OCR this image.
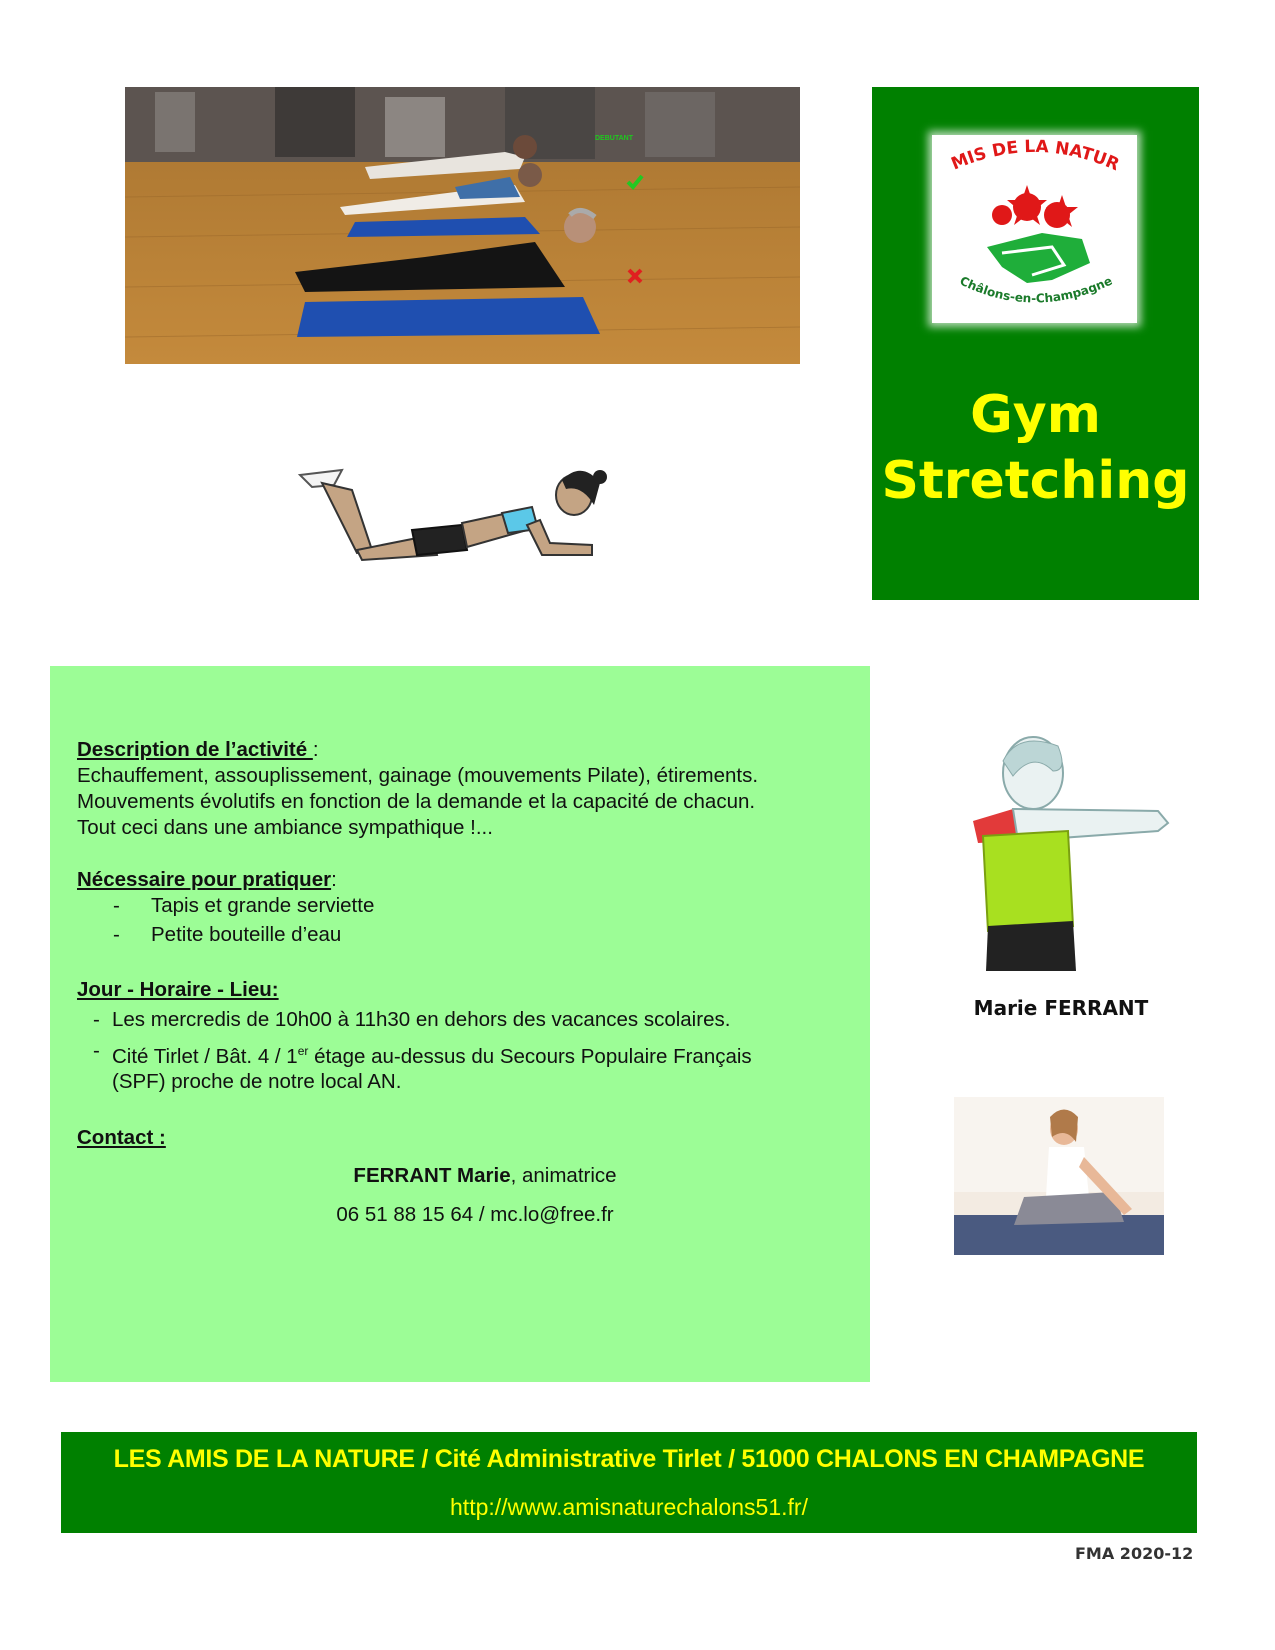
DEBUTANT
MIS DE LA NATUR
Châlons-en-Champagne
Gym
Stretching
Description de l’activité :
Echauffement, assouplissement, gainage (mouvements Pilate), étirements.
Mouvements évolutifs en fonction de la demande et la capacité de chacun.
Tout ceci dans une ambiance sympathique !...
Nécessaire pour pratiquer:
- Tapis et grande serviette
- Petite bouteille d’eau
Jour - Horaire - Lieu:
- Les mercredis de 10h00 à 11h30 en dehors des vacances scolaires.
- Cité Tirlet / Bât. 4 / 1er étage au-dessus du Secours Populaire Français
(SPF) proche de notre local AN.
Contact :
FERRANT Marie, animatrice
06 51 88 15 64 / mc.lo@free.fr
Marie FERRANT
LES AMIS DE LA NATURE / Cité Administrative Tirlet / 51000 CHALONS EN CHAMPAGNE
http://www.amisnaturechalons51.fr/
FMA 2020-12
